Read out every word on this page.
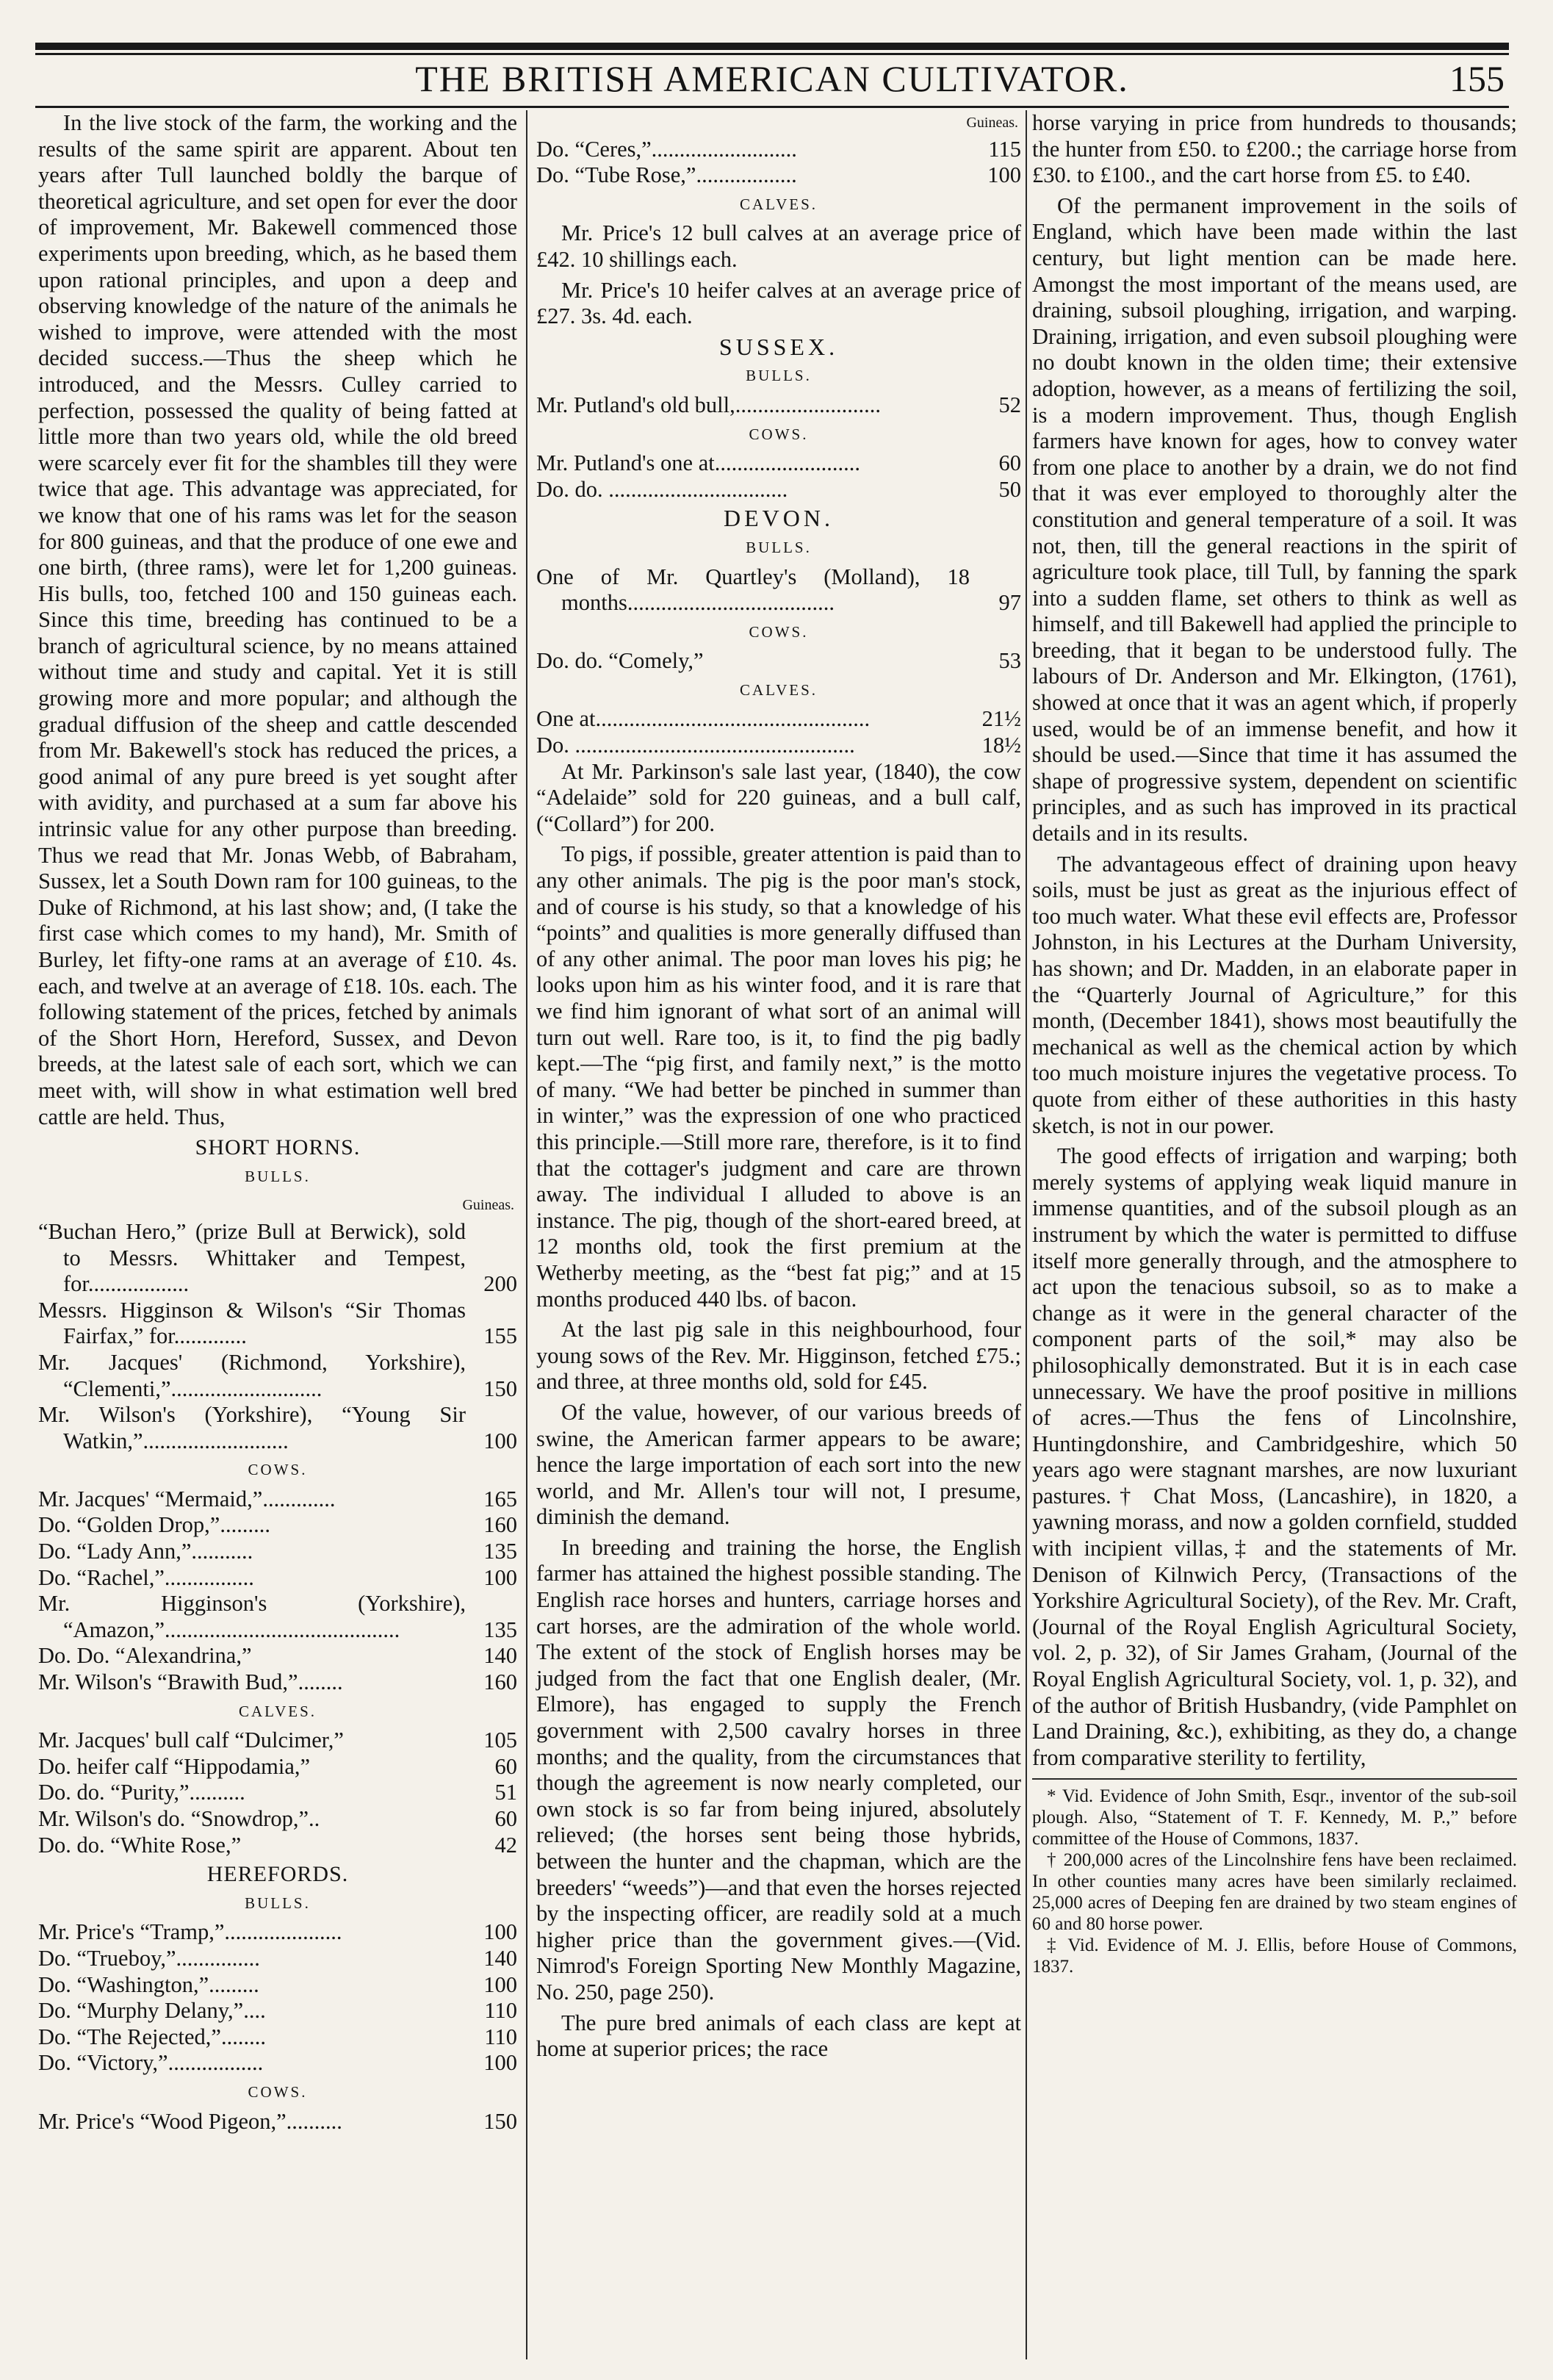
THE BRITISH AMERICAN CULTIVATOR.	155

In the live stock of the farm, the working and the results of the same spirit are apparent. About ten years after Tull launched boldly the barque of theoretical agriculture, and set open for ever the door of improvement, Mr. Bakewell commenced those experiments upon breeding, which, as he based them upon rational principles, and upon a deep and observing knowledge of the nature of the animals he wished to improve, were attended with the most decided success.—Thus the sheep which he introduced, and the Messrs. Culley carried to perfection, possessed the quality of being fatted at little more than two years old, while the old breed were scarcely ever fit for the shambles till they were twice that age. This advantage was appreciated, for we know that one of his rams was let for the season for 800 guineas, and that the produce of one ewe and one birth, (three rams), were let for 1,200 guineas. His bulls, too, fetched 100 and 150 guineas each. Since this time, breeding has continued to be a branch of agricultural science, by no means attained without time and study and capital. Yet it is still growing more and more popular; and although the gradual diffusion of the sheep and cattle descended from Mr. Bakewell's stock has reduced the prices, a good animal of any pure breed is yet sought after with avidity, and purchased at a sum far above his intrinsic value for any other purpose than breeding. Thus we read that Mr. Jonas Webb, of Babraham, Sussex, let a South Down ram for 100 guineas, to the Duke of Richmond, at his last show; and, (I take the first case which comes to my hand), Mr. Smith of Burley, let fifty-one rams at an average of £10. 4s. each, and twelve at an average of £18. 10s. each. The following statement of the prices, fetched by animals of the Short Horn, Hereford, Sussex, and Devon breeds, at the latest sale of each sort, which we can meet with, will show in what estimation well bred cattle are held. Thus,

SHORT HORNS.
BULLS.
Guineas.
“Buchan Hero,” (prize Bull at Berwick), sold to Messrs. Whittaker and Tempest, for..................	200
Messrs. Higginson & Wilson's “Sir Thomas Fairfax,” for.............	155
Mr. Jacques' (Richmond, Yorkshire), “Clementi,”...........................	150
Mr. Wilson's (Yorkshire), “Young Sir Watkin,”..........................	100
COWS.
Mr. Jacques' “Mermaid,”.............	165
Do. “Golden Drop,”.........	160
Do. “Lady Ann,”...........	135
Do. “Rachel,”................	100
Mr. Higginson's (Yorkshire), “Amazon,”..........................................	135
Do. Do. “Alexandrina,”	140
Mr. Wilson's “Brawith Bud,”........	160
CALVES.
Mr. Jacques' bull calf “Dulcimer,”	105
Do. heifer calf “Hippodamia,”	60
Do. do. “Purity,”..........	51
Mr. Wilson's do. “Snowdrop,”..	60
Do. do. “White Rose,”	42
HEREFORDS.
BULLS.
Mr. Price's “Tramp,”.....................	100
Do. “Trueboy,”...............	140
Do. “Washington,”.........	100
Do. “Murphy Delany,”....	110
Do. “The Rejected,”........	110
Do. “Victory,”.................	100
COWS.
Mr. Price's “Wood Pigeon,”..........	150
Guineas.
Do. “Ceres,”..........................	115
Do. “Tube Rose,”..................	100
CALVES.

Mr. Price's 12 bull calves at an average price of £42. 10 shillings each.

Mr. Price's 10 heifer calves at an average price of £27. 3s. 4d. each.

SUSSEX.
BULLS.
Mr. Putland's old bull,..........................	52
COWS.
Mr. Putland's one at..........................	60
Do. do. ................................	50
DEVON.
BULLS.
One of Mr. Quartley's (Molland), 18 months.....................................	97
COWS.
Do. do. “Comely,”	53
CALVES.
One at.................................................	21½
Do. ..................................................	18½

At Mr. Parkinson's sale last year, (1840), the cow “Adelaide” sold for 220 guineas, and a bull calf, (“Collard”) for 200.

To pigs, if possible, greater attention is paid than to any other animals. The pig is the poor man's stock, and of course is his study, so that a knowledge of his “points” and qualities is more generally diffused than of any other animal. The poor man loves his pig; he looks upon him as his winter food, and it is rare that we find him ignorant of what sort of an animal will turn out well. Rare too, is it, to find the pig badly kept.—The “pig first, and family next,” is the motto of many. “We had better be pinched in summer than in winter,” was the expression of one who practiced this principle.—Still more rare, therefore, is it to find that the cottager's judgment and care are thrown away. The individual I alluded to above is an instance. The pig, though of the short-eared breed, at 12 months old, took the first premium at the Wetherby meeting, as the “best fat pig;” and at 15 months produced 440 lbs. of bacon.

At the last pig sale in this neighbourhood, four young sows of the Rev. Mr. Higginson, fetched £75.; and three, at three months old, sold for £45.

Of the value, however, of our various breeds of swine, the American farmer appears to be aware; hence the large importation of each sort into the new world, and Mr. Allen's tour will not, I presume, diminish the demand.

In breeding and training the horse, the English farmer has attained the highest possible standing. The English race horses and hunters, carriage horses and cart horses, are the admiration of the whole world. The extent of the stock of English horses may be judged from the fact that one English dealer, (Mr. Elmore), has engaged to supply the French government with 2,500 cavalry horses in three months; and the quality, from the circumstances that though the agreement is now nearly completed, our own stock is so far from being injured, absolutely relieved; (the horses sent being those hybrids, between the hunter and the chapman, which are the breeders' “weeds”)—and that even the horses rejected by the inspecting officer, are readily sold at a much higher price than the government gives.—(Vid. Nimrod's Foreign Sporting New Monthly Magazine, No. 250, page 250).

The pure bred animals of each class are kept at home at superior prices; the race

horse varying in price from hundreds to thousands; the hunter from £50. to £200.; the carriage horse from £30. to £100., and the cart horse from £5. to £40.

Of the permanent improvement in the soils of England, which have been made within the last century, but light mention can be made here. Amongst the most important of the means used, are draining, subsoil ploughing, irrigation, and warping. Draining, irrigation, and even subsoil ploughing were no doubt known in the olden time; their extensive adoption, however, as a means of fertilizing the soil, is a modern improvement. Thus, though English farmers have known for ages, how to convey water from one place to another by a drain, we do not find that it was ever employed to thoroughly alter the constitution and general temperature of a soil. It was not, then, till the general reactions in the spirit of agriculture took place, till Tull, by fanning the spark into a sudden flame, set others to think as well as himself, and till Bakewell had applied the principle to breeding, that it began to be understood fully. The labours of Dr. Anderson and Mr. Elkington, (1761), showed at once that it was an agent which, if properly used, would be of an immense benefit, and how it should be used.—Since that time it has assumed the shape of progressive system, dependent on scientific principles, and as such has improved in its practical details and in its results.

The advantageous effect of draining upon heavy soils, must be just as great as the injurious effect of too much water. What these evil effects are, Professor Johnston, in his Lectures at the Durham University, has shown; and Dr. Madden, in an elaborate paper in the “Quarterly Journal of Agriculture,” for this month, (December 1841), shows most beautifully the mechanical as well as the chemical action by which too much moisture injures the vegetative process. To quote from either of these authorities in this hasty sketch, is not in our power.

The good effects of irrigation and warping; both merely systems of applying weak liquid manure in immense quantities, and of the subsoil plough as an instrument by which the water is permitted to diffuse itself more generally through, and the atmosphere to act upon the tenacious subsoil, so as to make a change as it were in the general character of the component parts of the soil,* may also be philosophically demonstrated. But it is in each case unnecessary. We have the proof positive in millions of acres.—Thus the fens of Lincolnshire, Huntingdonshire, and Cambridgeshire, which 50 years ago were stagnant marshes, are now luxuriant pastures.† Chat Moss, (Lancashire), in 1820, a yawning morass, and now a golden cornfield, studded with incipient villas,‡ and the statements of Mr. Denison of Kilnwich Percy, (Transactions of the Yorkshire Agricultural Society), of the Rev. Mr. Craft, (Journal of the Royal English Agricultural Society, vol. 2, p. 32), of Sir James Graham, (Journal of the Royal English Agricultural Society, vol. 1, p. 32), and of the author of British Husbandry, (vide Pamphlet on Land Draining, &c.), exhibiting, as they do, a change from comparative sterility to fertility,

* Vid. Evidence of John Smith, Esqr., inventor of the sub-soil plough. Also, “Statement of T. F. Kennedy, M. P.,” before committee of the House of Commons, 1837.

† 200,000 acres of the Lincolnshire fens have been reclaimed. In other counties many acres have been similarly reclaimed. 25,000 acres of Deeping fen are drained by two steam engines of 60 and 80 horse power.

‡ Vid. Evidence of M. J. Ellis, before House of Commons, 1837.
